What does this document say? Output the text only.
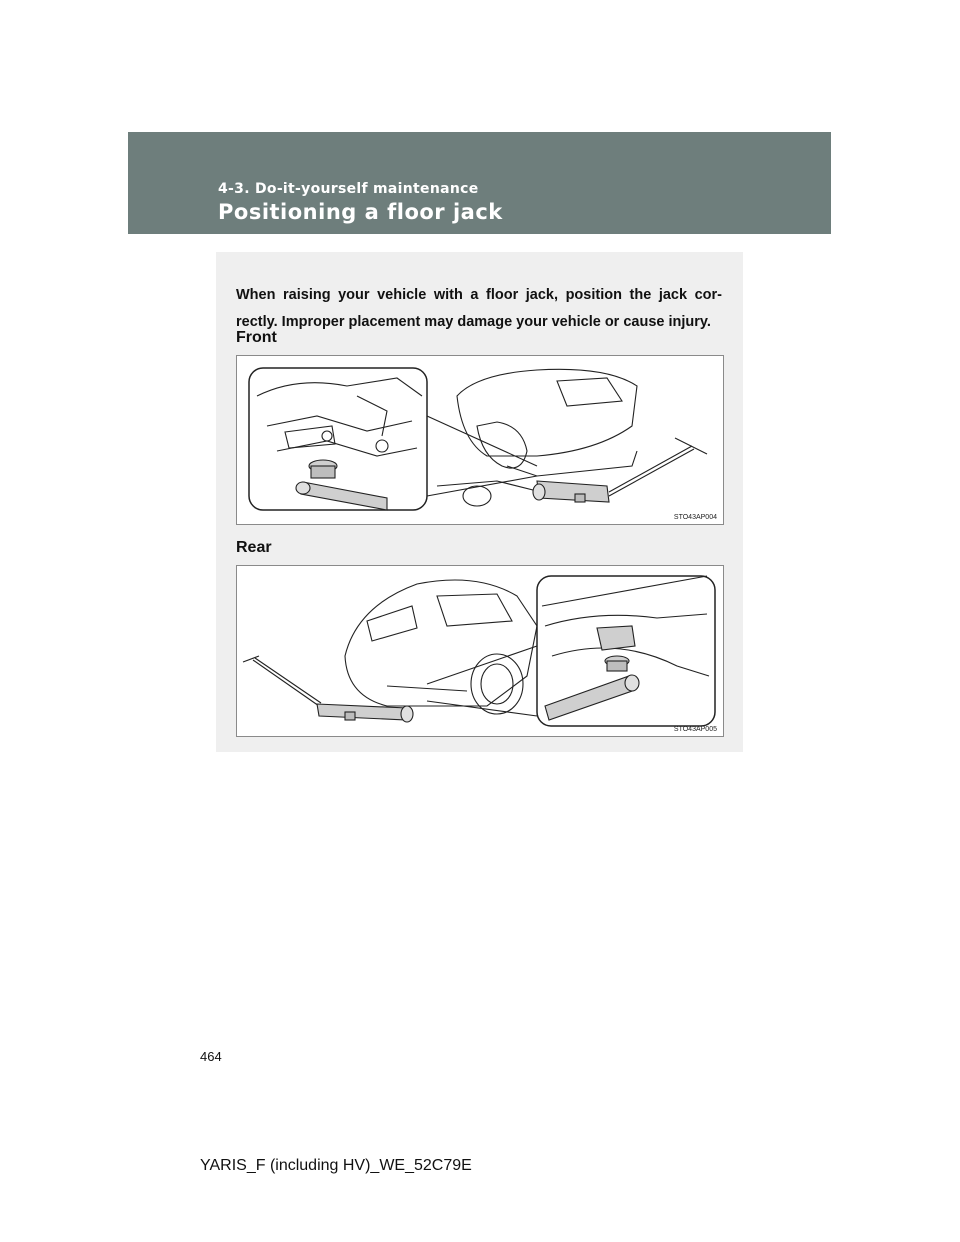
4-3. Do-it-yourself maintenance
Positioning a floor jack

When raising your vehicle with a floor jack, position the jack cor-rectly. Improper placement may damage your vehicle or cause injury.

Front
STO43AP004
Rear
STO43AP005
464
YARIS_F (including HV)_WE_52C79E
